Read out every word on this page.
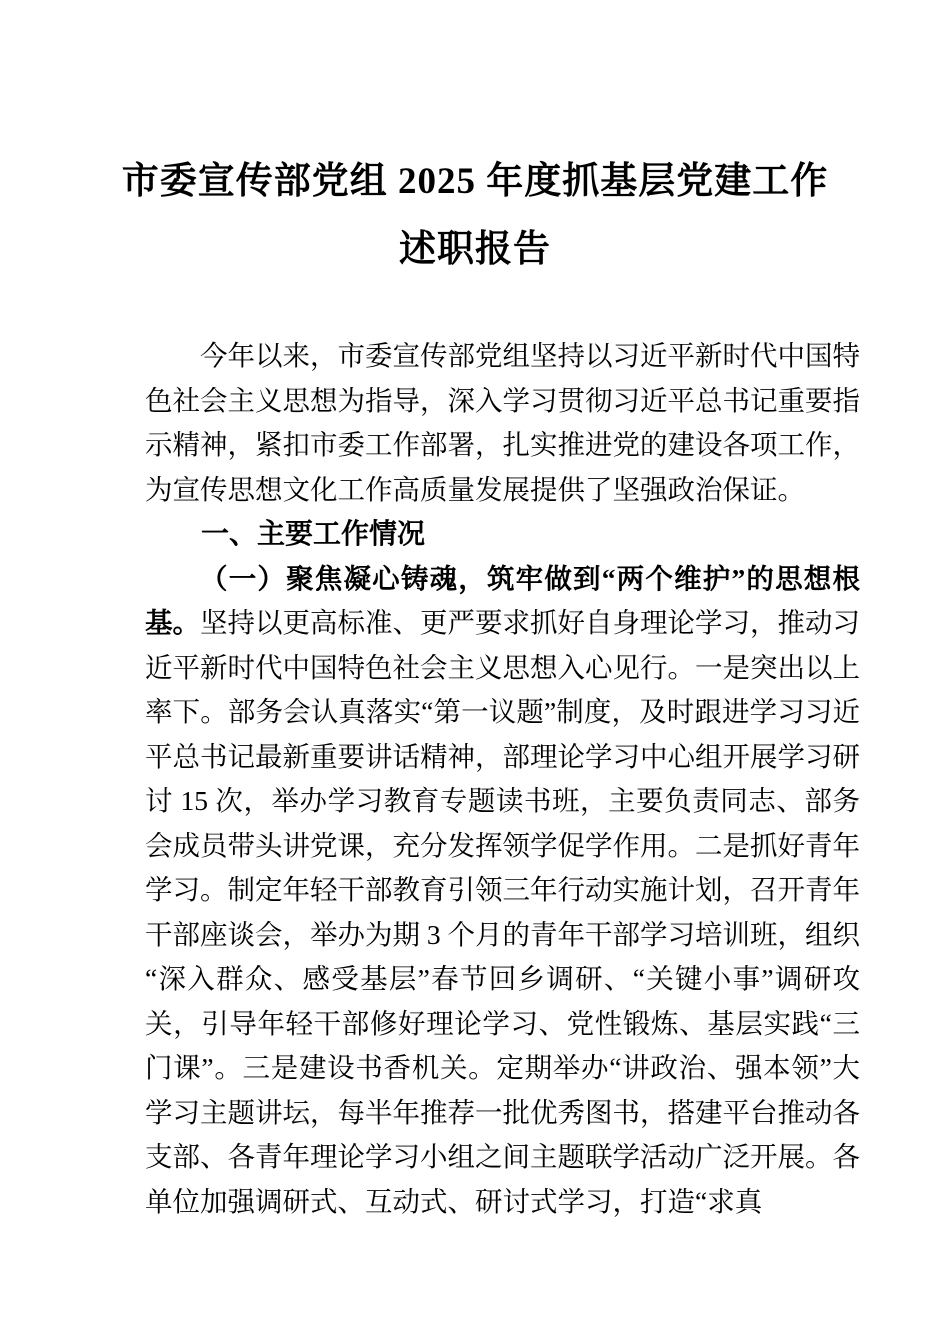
市委宣传部党组 2025 年度抓基层党建工作
述职报告

今年以来，市委宣传部党组坚持以习近平新时代中国特色社会主义思想为指导，深入学习贯彻习近平总书记重要指示精神，紧扣市委工作部署，扎实推进党的建设各项工作，为宣传思想文化工作高质量发展提供了坚强政治保证。

一、主要工作情况

（一）聚焦凝心铸魂，筑牢做到“两个维护”的思想根基。坚持以更高标准、更严要求抓好自身理论学习，推动习近平新时代中国特色社会主义思想入心见行。一是突出以上率下。部务会认真落实“第一议题”制度，及时跟进学习习近平总书记最新重要讲话精神，部理论学习中心组开展学习研讨 15 次，举办学习教育专题读书班，主要负责同志、部务会成员带头讲党课，充分发挥领学促学作用。二是抓好青年学习。制定年轻干部教育引领三年行动实施计划，召开青年干部座谈会，举办为期 3 个月的青年干部学习培训班，组织“深入群众、感受基层”春节回乡调研、“关键小事”调研攻关，引导年轻干部修好理论学习、党性锻炼、基层实践“三门课”。三是建设书香机关。定期举办“讲政治、强本领”大学习主题讲坛，每半年推荐一批优秀图书，搭建平台推动各支部、各青年理论学习小组之间主题联学活动广泛开展。各单位加强调研式、互动式、研讨式学习，打造“求真
